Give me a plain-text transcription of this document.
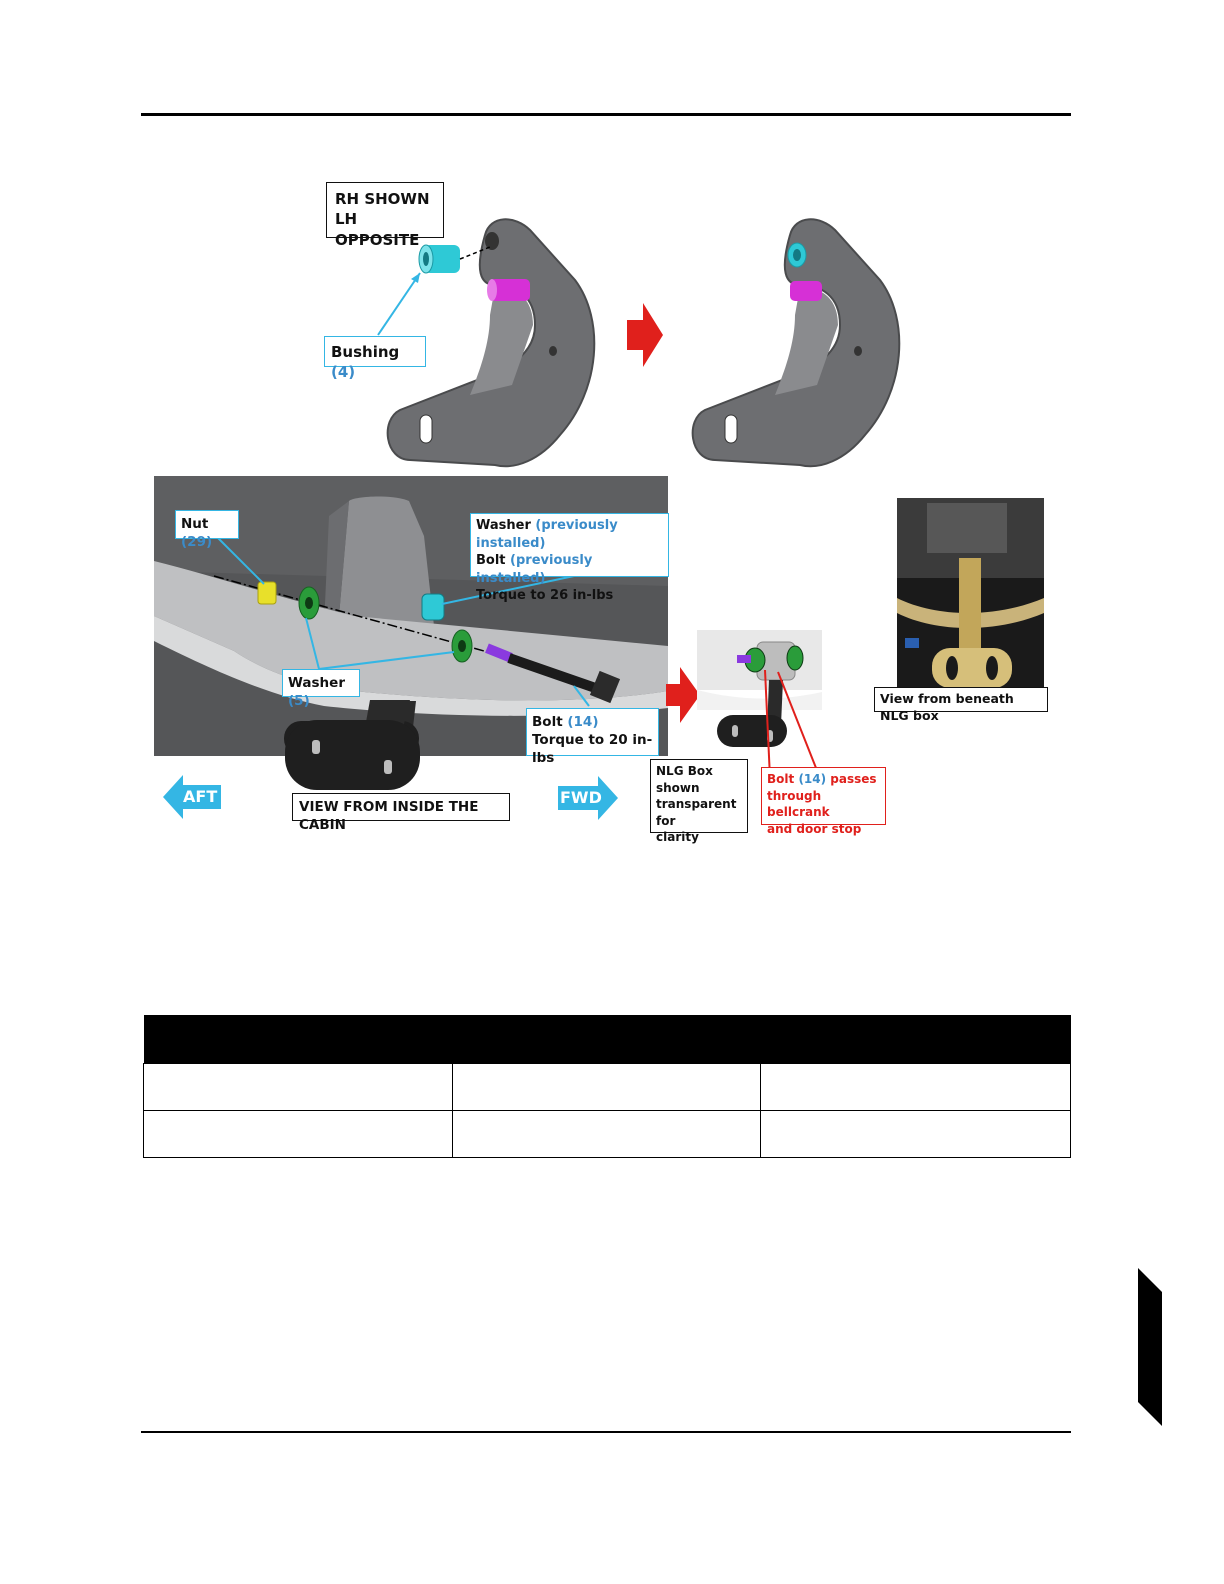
RH SHOWN
LH OPPOSITE
Bushing (4)
Nut (29)
Washer (previously installed)
Bolt (previously installed)
Torque to 26 in-lbs
Washer (5)
Bolt (14)
Torque to 20 in-lbs
AFT
VIEW FROM INSIDE THE CABIN
FWD
NLG Box
shown
transparent for
clarity
Bolt (14) passes
through bellcrank
and door stop
View from beneath NLG box
